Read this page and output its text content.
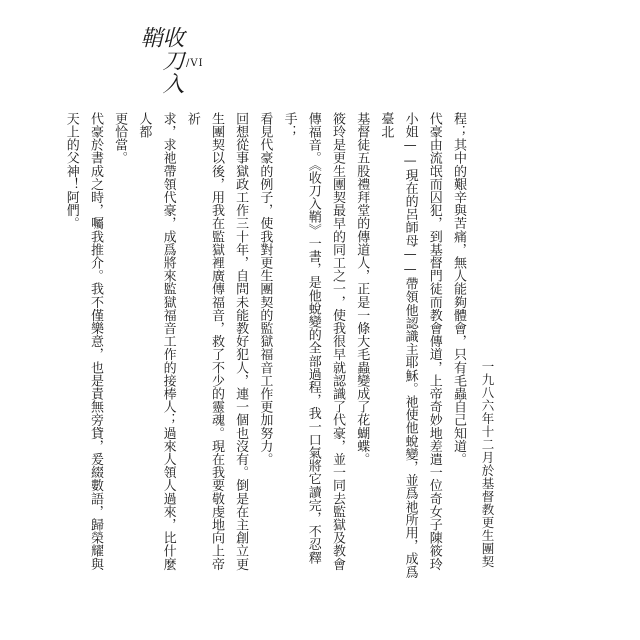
收刀入鞘
/VI

程；其中的艱辛與苦痛，無人能夠體會，只有毛蟲自己知道。

代豪由流氓而囚犯，到基督門徒而教會傳道，上帝奇妙地差遣一位奇女子陳筱玲

小姐——現在的呂師母——帶領他認識主耶穌。祂使他蛻變，並爲祂所用，成爲臺北

基督徒五股禮拜堂的傳道人，正是一條大毛蟲變成了花蝴蝶。

筱玲是更生團契最早的同工之一，使我很早就認識了代豪，並一同去監獄及教會

傳福音。《收刀入鞘》一書，是他蛻變的全部過程，我一口氣將它讀完，不忍釋手；

看見代豪的例子，使我對更生團契的監獄福音工作更加努力。

回想從事獄政工作三十年，自問未能教好犯人，連一個也沒有。倒是在主創立更

生團契以後，用我在監獄裡廣傳福音，救了不少的靈魂。現在我要敬虔地向上帝祈

求，求祂帶領代豪，成爲將來監獄福音工作的接棒人；過來人領人過來，比什麼人都

更恰當。

代豪於書成之時，囑我推介。我不僅樂意，也是責無旁貸，爰綴數語，歸榮耀與

天上的父神！阿們。

一九八六年十二月於基督教更生團契
